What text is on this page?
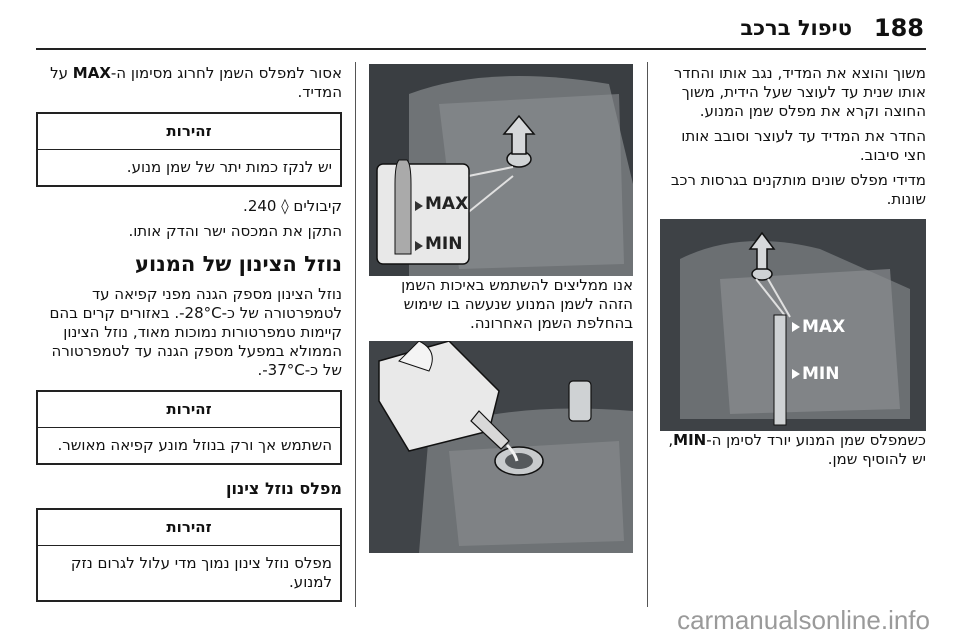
188
טיפול ברכב

משוך והוצא את המדיד, נגב אותו והחדר אותו שנית עד לעוצר שעל הידית, משוך החוצה וקרא את מפלס שמן המנוע.

החדר את המדיד עד לעוצר וסובב אותו חצי סיבוב.

מדידי מפלס שונים מותקנים בגרסות רכב שונות.

MAX
MIN

כשמפלס שמן המנוע יורד לסימן ה-MIN, יש להוסיף שמן.

MAX
MIN

אנו ממליצים להשתמש באיכות השמן הזהה לשמן המנוע שנעשה בו שימוש בהחלפת השמן האחרונה.

אסור למפלס השמן לחרוג מסימון ה-MAX על המדיד.

זהירות
יש לנקז כמות יתר של שמן מנוע.

קיבולים ◊ 240.

התקן את המכסה ישר והדק אותו.

נוזל הצינון של המנוע

נוזל הצינון מספק הגנה מפני קפיאה עד לטמפרטורה של כ-‎-28°C. באזורים קרים בהם קיימות טמפרטורות נמוכות מאוד, נוזל הצינון הממולא במפעל מספק הגנה עד לטמפרטורה של כ-‎-37°C.

זהירות
השתמש אך ורק בנוזל מונע קפיאה מאושר.
מפלס נוזל צינון
זהירות
מפלס נוזל צינון נמוך מדי עלול לגרום נזק למנוע.
carmanualsonline.info
